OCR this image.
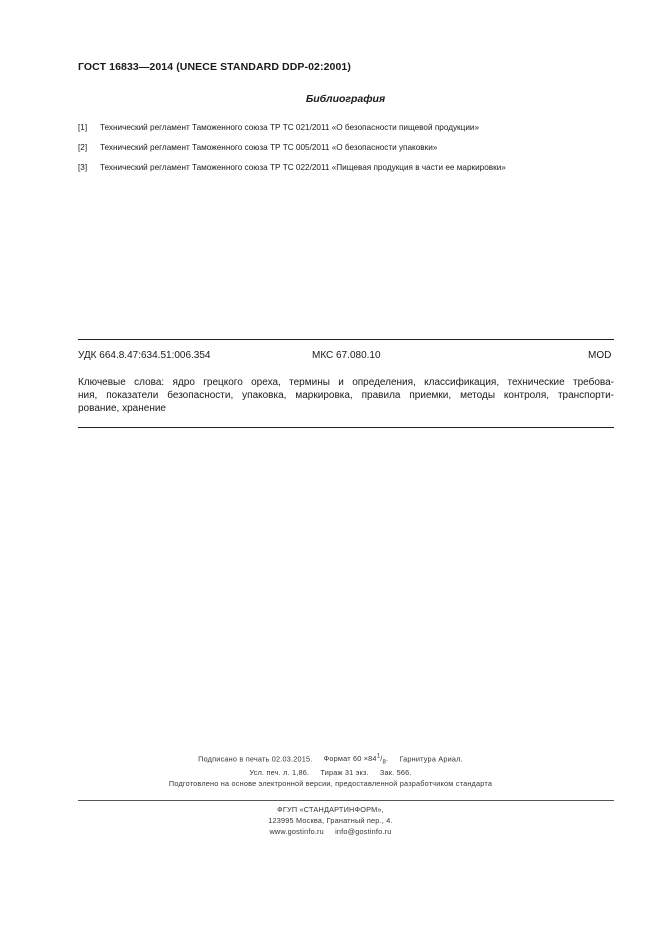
ГОСТ 16833—2014 (UNECE STANDARD DDP-02:2001)
Библиография
[1]	Технический регламент Таможенного союза ТР ТС 021/2011 «О безопасности пищевой продукции»
[2]	Технический регламент Таможенного союза ТР ТС 005/2011 «О безопасности упаковки»
[3]	Технический регламент Таможенного союза ТР ТС 022/2011 «Пищевая продукция в части ее маркировки»
УДК 664.8.47:634.51:006.354	МКС 67.080.10	MOD
Ключевые слова: ядро грецкого ореха, термины и определения, классификация, технические требова-
ния, показатели безопасности, упаковка, маркировка, правила приемки, методы контроля, транспорти-
рование, хранение
Подписано в печать 02.03.2015. Формат $60 \times 84^1/_8$. Гарнитура Ариал.
Усл. печ. л. 1,86. Тираж 31 экз. Зак. 566.
Подготовлено на основе электронной версии, предоставленной разработчиком стандарта
ФГУП «СТАНДАРТИНФОРМ»,
123995 Москва, Гранатный пер., 4.
www.gostinfo.ru info@gostinfo.ru
